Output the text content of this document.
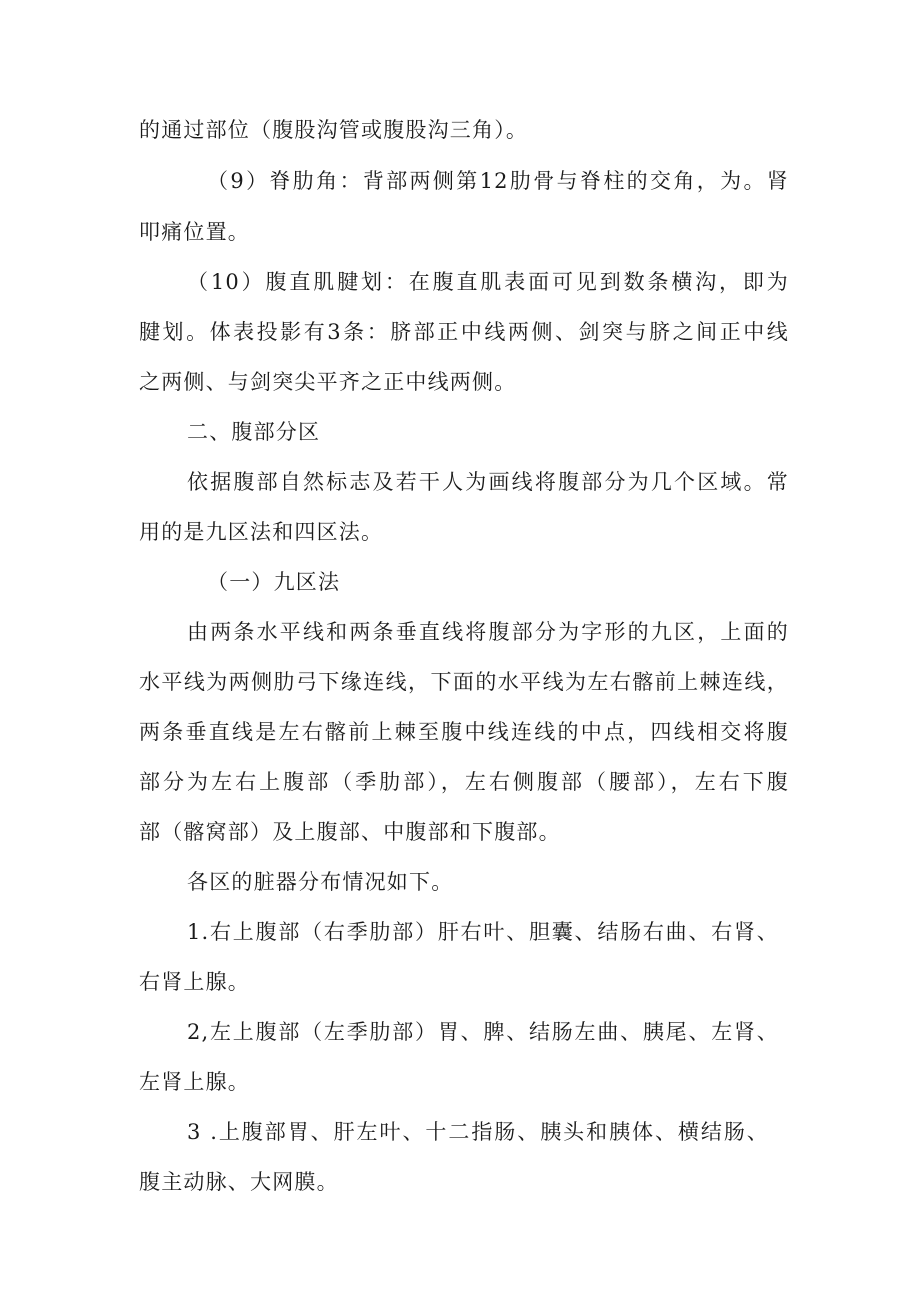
的通过部位（腹股沟管或腹股沟三角）。
（9）脊肋角：背部两侧第12肋骨与脊柱的交角，为。肾
叩痛位置。
（10）腹直肌腱划：在腹直肌表面可见到数条横沟，即为
腱划。体表投影有3条：脐部正中线两侧、剑突与脐之间正中线
之两侧、与剑突尖平齐之正中线两侧。
二、腹部分区
依据腹部自然标志及若干人为画线将腹部分为几个区域。常
用的是九区法和四区法。
（一）九区法
由两条水平线和两条垂直线将腹部分为字形的九区，上面的
水平线为两侧肋弓下缘连线，下面的水平线为左右髂前上棘连线，
两条垂直线是左右髂前上棘至腹中线连线的中点，四线相交将腹
部分为左右上腹部（季肋部），左右侧腹部（腰部），左右下腹
部（髂窝部）及上腹部、中腹部和下腹部。
各区的脏器分布情况如下。
1.右上腹部（右季肋部）肝右叶、胆囊、结肠右曲、右肾、
右肾上腺。
2,左上腹部（左季肋部）胃、脾、结肠左曲、胰尾、左肾、
左肾上腺。
3 .上腹部胃、肝左叶、十二指肠、胰头和胰体、横结肠、
腹主动脉、大网膜。
